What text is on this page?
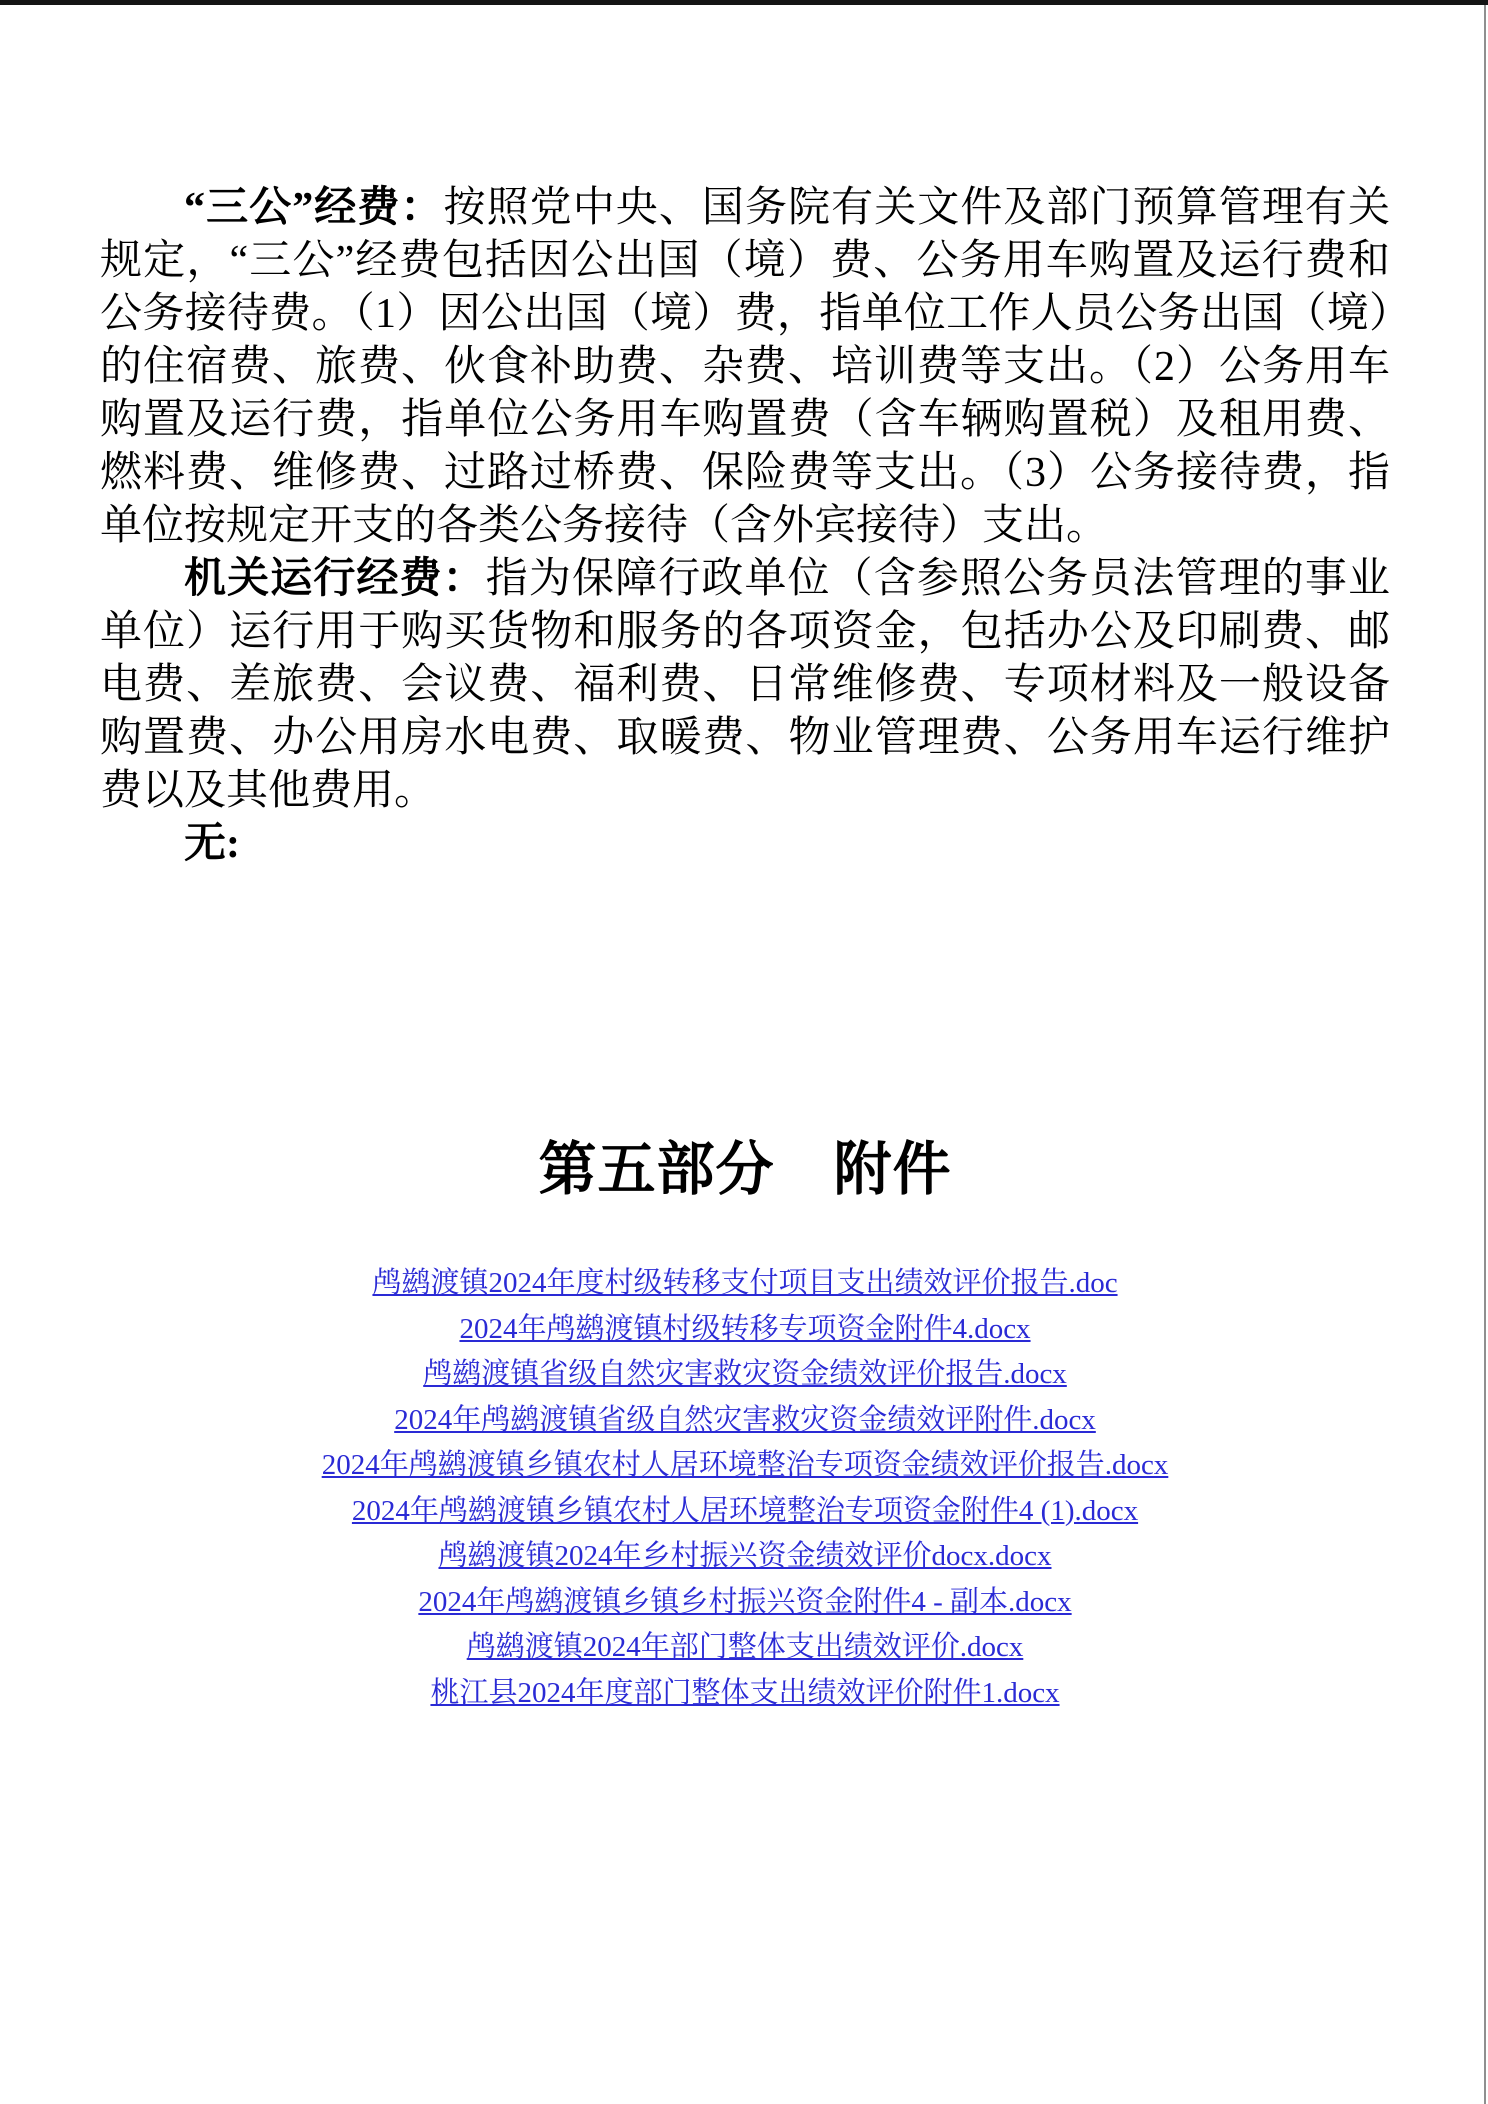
“三公”经费：按照党中央、国务院有关文件及部门预算管理有关规定，“三公”经费包括因公出国（境）费、公务用车购置及运行费和公务接待费。（1）因公出国（境）费，指单位工作人员公务出国（境）的住宿费、旅费、伙食补助费、杂费、培训费等支出。（2）公务用车购置及运行费，指单位公务用车购置费（含车辆购置税）及租用费、燃料费、维修费、过路过桥费、保险费等支出。（3）公务接待费，指单位按规定开支的各类公务接待（含外宾接待）支出。

机关运行经费：指为保障行政单位（含参照公务员法管理的事业单位）运行用于购买货物和服务的各项资金，包括办公及印刷费、邮电费、差旅费、会议费、福利费、日常维修费、专项材料及一般设备购置费、办公用房水电费、取暖费、物业管理费、公务用车运行维护费以及其他费用。

无:

第五部分　附件

鸬鹚渡镇2024年度村级转移支付项目支出绩效评价报告.doc

2024年鸬鹚渡镇村级转移专项资金附件4.docx

鸬鹚渡镇省级自然灾害救灾资金绩效评价报告.docx

2024年鸬鹚渡镇省级自然灾害救灾资金绩效评附件.docx

2024年鸬鹚渡镇乡镇农村人居环境整治专项资金绩效评价报告.docx

2024年鸬鹚渡镇乡镇农村人居环境整治专项资金附件4 (1).docx

鸬鹚渡镇2024年乡村振兴资金绩效评价docx.docx

2024年鸬鹚渡镇乡镇乡村振兴资金附件4 - 副本.docx

鸬鹚渡镇2024年部门整体支出绩效评价.docx

桃江县2024年度部门整体支出绩效评价附件1.docx
